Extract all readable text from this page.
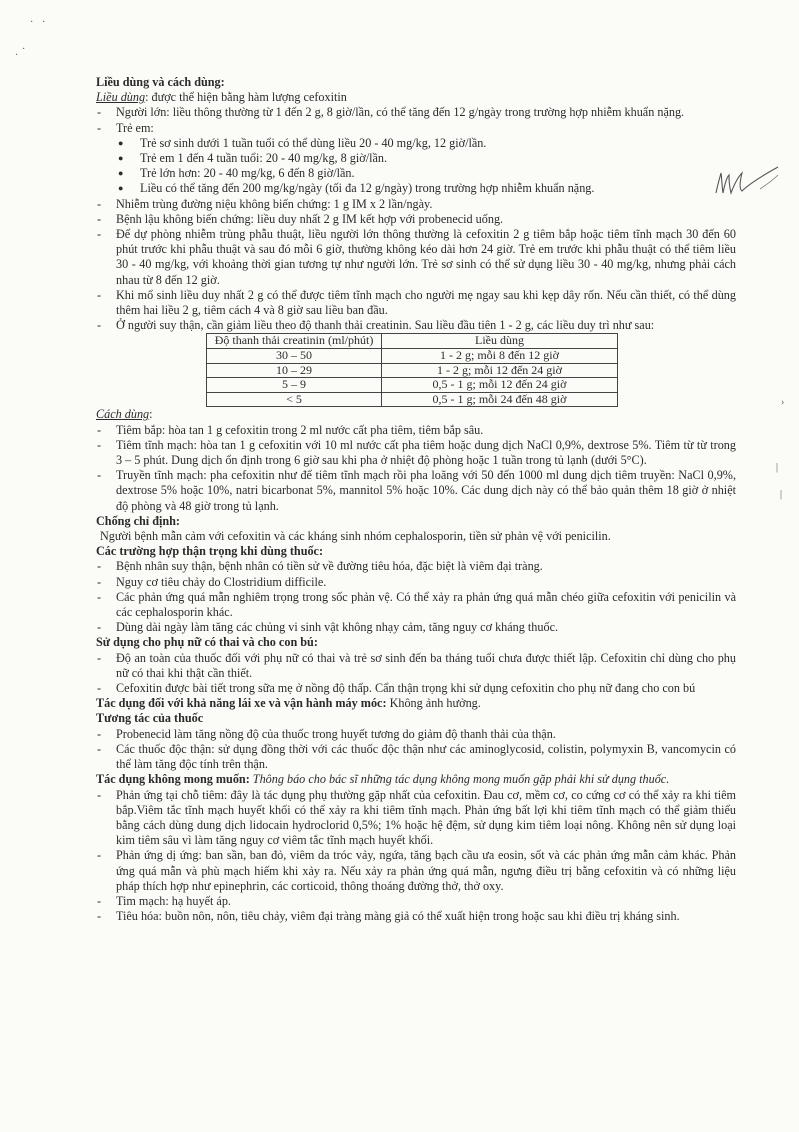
· ·
·
·
›
|
|
Liều dùng và cách dùng:
Liều dùng: được thể hiện bằng hàm lượng cefoxitin
-	Người lớn: liều thông thường từ 1 đến 2 g, 8 giờ/lần, có thể tăng đến 12 g/ngày trong trường hợp nhiễm khuẩn nặng.
-	Trẻ em:
●	Trẻ sơ sinh dưới 1 tuần tuổi có thể dùng liều 20 - 40 mg/kg, 12 giờ/lần.
●	Trẻ em 1 đến 4 tuần tuổi: 20 - 40 mg/kg, 8 giờ/lần.
●	Trẻ lớn hơn: 20 - 40 mg/kg, 6 đến 8 giờ/lần.
●	Liều có thể tăng đến 200 mg/kg/ngày (tối đa 12 g/ngày) trong trường hợp nhiễm khuẩn nặng.
-	Nhiễm trùng đường niệu không biến chứng: 1 g IM x 2 lần/ngày.
-	Bệnh lậu không biến chứng: liều duy nhất 2 g IM kết hợp với probenecid uống.
-	Để dự phòng nhiễm trùng phẫu thuật, liều người lớn thông thường là cefoxitin 2 g tiêm bắp hoặc tiêm tĩnh mạch 30 đến 60 phút trước khi phẫu thuật và sau đó mỗi 6 giờ, thường không kéo dài hơn 24 giờ. Trẻ em trước khi phẫu thuật có thể tiêm liều 30 - 40 mg/kg, với khoảng thời gian tương tự như người lớn. Trẻ sơ sinh có thể sử dụng liều 30 - 40 mg/kg, nhưng phải cách nhau từ 8 đến 12 giờ.
-	Khi mổ sinh liều duy nhất 2 g có thể được tiêm tĩnh mạch cho người mẹ ngay sau khi kẹp dây rốn. Nếu cần thiết, có thể dùng thêm hai liều 2 g, tiêm cách 4 và 8 giờ sau liều ban đầu.
-	Ở người suy thận, cần giảm liều theo độ thanh thải creatinin. Sau liều đầu tiên 1 - 2 g, các liều duy trì như sau:
Độ thanh thải creatinin (ml/phút)	Liều dùng
30 – 50	1 - 2 g; mỗi 8 đến 12 giờ
10 – 29	1 - 2 g; mỗi 12 đến 24 giờ
5 – 9	0,5 - 1 g; mỗi 12 đến 24 giờ
< 5	0,5 - 1 g; mỗi 24 đến 48 giờ
Cách dùng:
-	Tiêm bắp: hòa tan 1 g cefoxitin trong 2 ml nước cất pha tiêm, tiêm bắp sâu.
-	Tiêm tĩnh mạch: hòa tan 1 g cefoxitin với 10 ml nước cất pha tiêm hoặc dung dịch NaCl 0,9%, dextrose 5%. Tiêm từ từ trong 3 – 5 phút. Dung dịch ổn định trong 6 giờ sau khi pha ở nhiệt độ phòng hoặc 1 tuần trong tủ lạnh (dưới 5°C).
-	Truyền tĩnh mạch: pha cefoxitin như để tiêm tĩnh mạch rồi pha loãng với 50 đến 1000 ml dung dịch tiêm truyền: NaCl 0,9%, dextrose 5% hoặc 10%, natri bicarbonat 5%, mannitol 5% hoặc 10%. Các dung dịch này có thể bảo quản thêm 18 giờ ở nhiệt độ phòng và 48 giờ trong tủ lạnh.
Chống chỉ định:
Người bệnh mẫn cảm với cefoxitin và các kháng sinh nhóm cephalosporin, tiền sử phản vệ với penicilin.
Các trường hợp thận trọng khi dùng thuốc:
-	Bệnh nhân suy thận, bệnh nhân có tiền sử về đường tiêu hóa, đặc biệt là viêm đại tràng.
-	Nguy cơ tiêu chảy do Clostridium difficile.
-	Các phản ứng quá mẫn nghiêm trọng trong sốc phản vệ. Có thể xảy ra phản ứng quá mẫn chéo giữa cefoxitin với penicilin và các cephalosporin khác.
-	Dùng dài ngày làm tăng các chủng vi sinh vật không nhạy cảm, tăng nguy cơ kháng thuốc.
Sử dụng cho phụ nữ có thai và cho con bú:
-	Độ an toàn của thuốc đối với phụ nữ có thai và trẻ sơ sinh đến ba tháng tuổi chưa được thiết lập. Cefoxitin chỉ dùng cho phụ nữ có thai khi thật cần thiết.
-	Cefoxitin được bài tiết trong sữa mẹ ở nồng độ thấp. Cẩn thận trọng khi sử dụng cefoxitin cho phụ nữ đang cho con bú
Tác dụng đối với khả năng lái xe và vận hành máy móc: Không ảnh hưởng.
Tương tác của thuốc
-	Probenecid làm tăng nồng độ của thuốc trong huyết tương do giảm độ thanh thải của thận.
-	Các thuốc độc thận: sử dụng đồng thời với các thuốc độc thận như các aminoglycosid, colistin, polymyxin B, vancomycin có thể làm tăng độc tính trên thận.
Tác dụng không mong muốn: Thông báo cho bác sĩ những tác dụng không mong muốn gặp phải khi sử dụng thuốc.
-	Phản ứng tại chỗ tiêm: đây là tác dụng phụ thường gặp nhất của cefoxitin. Đau cơ, mềm cơ, co cứng cơ có thể xảy ra khi tiêm bắp.Viêm tắc tĩnh mạch huyết khối có thể xảy ra khi tiêm tĩnh mạch. Phản ứng bất lợi khi tiêm tĩnh mạch có thể giảm thiểu bằng cách dùng dung dịch lidocain hydroclorid 0,5%; 1% hoặc hệ đệm, sử dụng kim tiêm loại nông. Không nên sử dụng loại kim tiêm sâu vì làm tăng nguy cơ viêm tắc tĩnh mạch huyết khối.
-	Phản ứng dị ứng: ban sần, ban đỏ, viêm da tróc vảy, ngứa, tăng bạch cầu ưa eosin, sốt và các phản ứng mẫn cảm khác. Phản ứng quá mẫn và phù mạch hiếm khi xảy ra. Nếu xảy ra phản ứng quá mẫn, ngưng điều trị bằng cefoxitin và có những liệu pháp thích hợp như epinephrin, các corticoid, thông thoáng đường thở, thở oxy.
-	Tim mạch: hạ huyết áp.
-	Tiêu hóa: buồn nôn, nôn, tiêu chảy, viêm đại tràng màng giả có thể xuất hiện trong hoặc sau khi điều trị kháng sinh.
